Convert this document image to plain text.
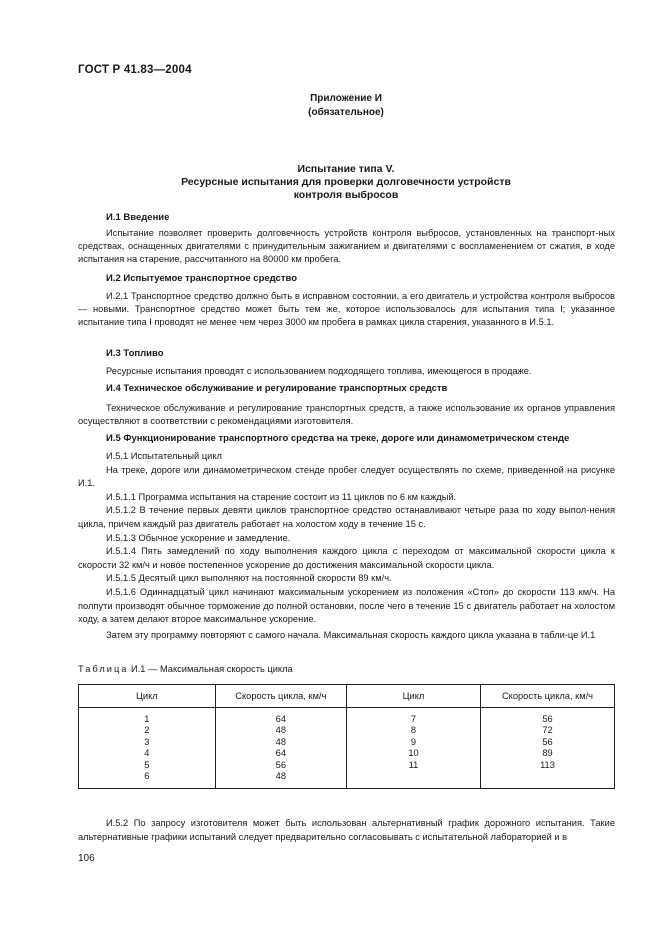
ГОСТ Р 41.83—2004
Приложение И
(обязательное)
Испытание типа V.
Ресурсные испытания для проверки долговечности устройств
контроля выбросов
И.1 Введение

Испытание позволяет проверить долговечность устройств контроля выбросов, установленных на транспорт-ных средствах, оснащенных двигателями с принудительным зажиганием и двигателями с воспламенением от сжатия, в ходе испытания на старение, рассчитанного на 80000 км пробега.

И.2 Испытуемое транспортное средство

И.2.1 Транспортное средство должно быть в исправном состоянии, а его двигатель и устройства контроля выбросов — новыми. Транспортное средство может быть тем же, которое использовалось для испытания типа I; указанное испытание типа I проводят не менее чем через 3000 км пробега в рамках цикла старения, указанного в И.5.1.

И.3 Топливо

Ресурсные испытания проводят с использованием подходящего топлива, имеющегося в продаже.

И.4 Техническое обслуживание и регулирование транспортных средств

Техническое обслуживание и регулирование транспортных средств, а также использование их органов управления осуществляют в соответствии с рекомендациями изготовителя.

И.5 Функционирование транспортного средства на треке, дороге или динамометрическом стенде

И.5.1 Испытательный цикл

На треке, дороге или динамометрическом стенде пробег следует осуществлять по схеме, приведенной на рисунке И.1.

И.5.1.1 Программа испытания на старение состоит из 11 циклов по 6 км каждый.

И.5.1.2 В течение первых девяти циклов транспортное средство останавливают четыре раза по ходу выпол-нения цикла, причем каждый раз двигатель работает на холостом ходу в течение 15 с.

И.5.1.3 Обычное ускорение и замедление.

И.5.1.4 Пять замедлений по ходу выполнения каждого цикла с переходом от максимальной скорости цикла к скорости 32 км/ч и новое постепенное ускорение до достижения максимальной скорости цикла.

И.5.1.5 Десятый цикл выполняют на постоянной скорости 89 км/ч.

И.5.1.6 Одиннадцатый цикл начинают максимальным ускорением из положения «Стоп» до скорости 113 км/ч. На полпути производят обычное торможение до полной остановки, после чего в течение 15 с двигатель работает на холостом ходу, а затем делают второе максимальное ускорение.

Затем эту программу повторяют с самого начала. Максимальная скорость каждого цикла указана в табли-це И.1

Таблица И.1 — Максимальная скорость цикла
Цикл	Скорость цикла, км/ч	Цикл	Скорость цикла, км/ч
1	64	7	56
2	48	8	72
3	48	9	56
4	64	10	89
5	56	11	113
6	48		

И.5.2 По запросу изготовителя может быть использован альтернативный график дорожного испытания. Такие альтернативные графики испытаний следует предварительно согласовывать с испытательной лабораторией и в

106
